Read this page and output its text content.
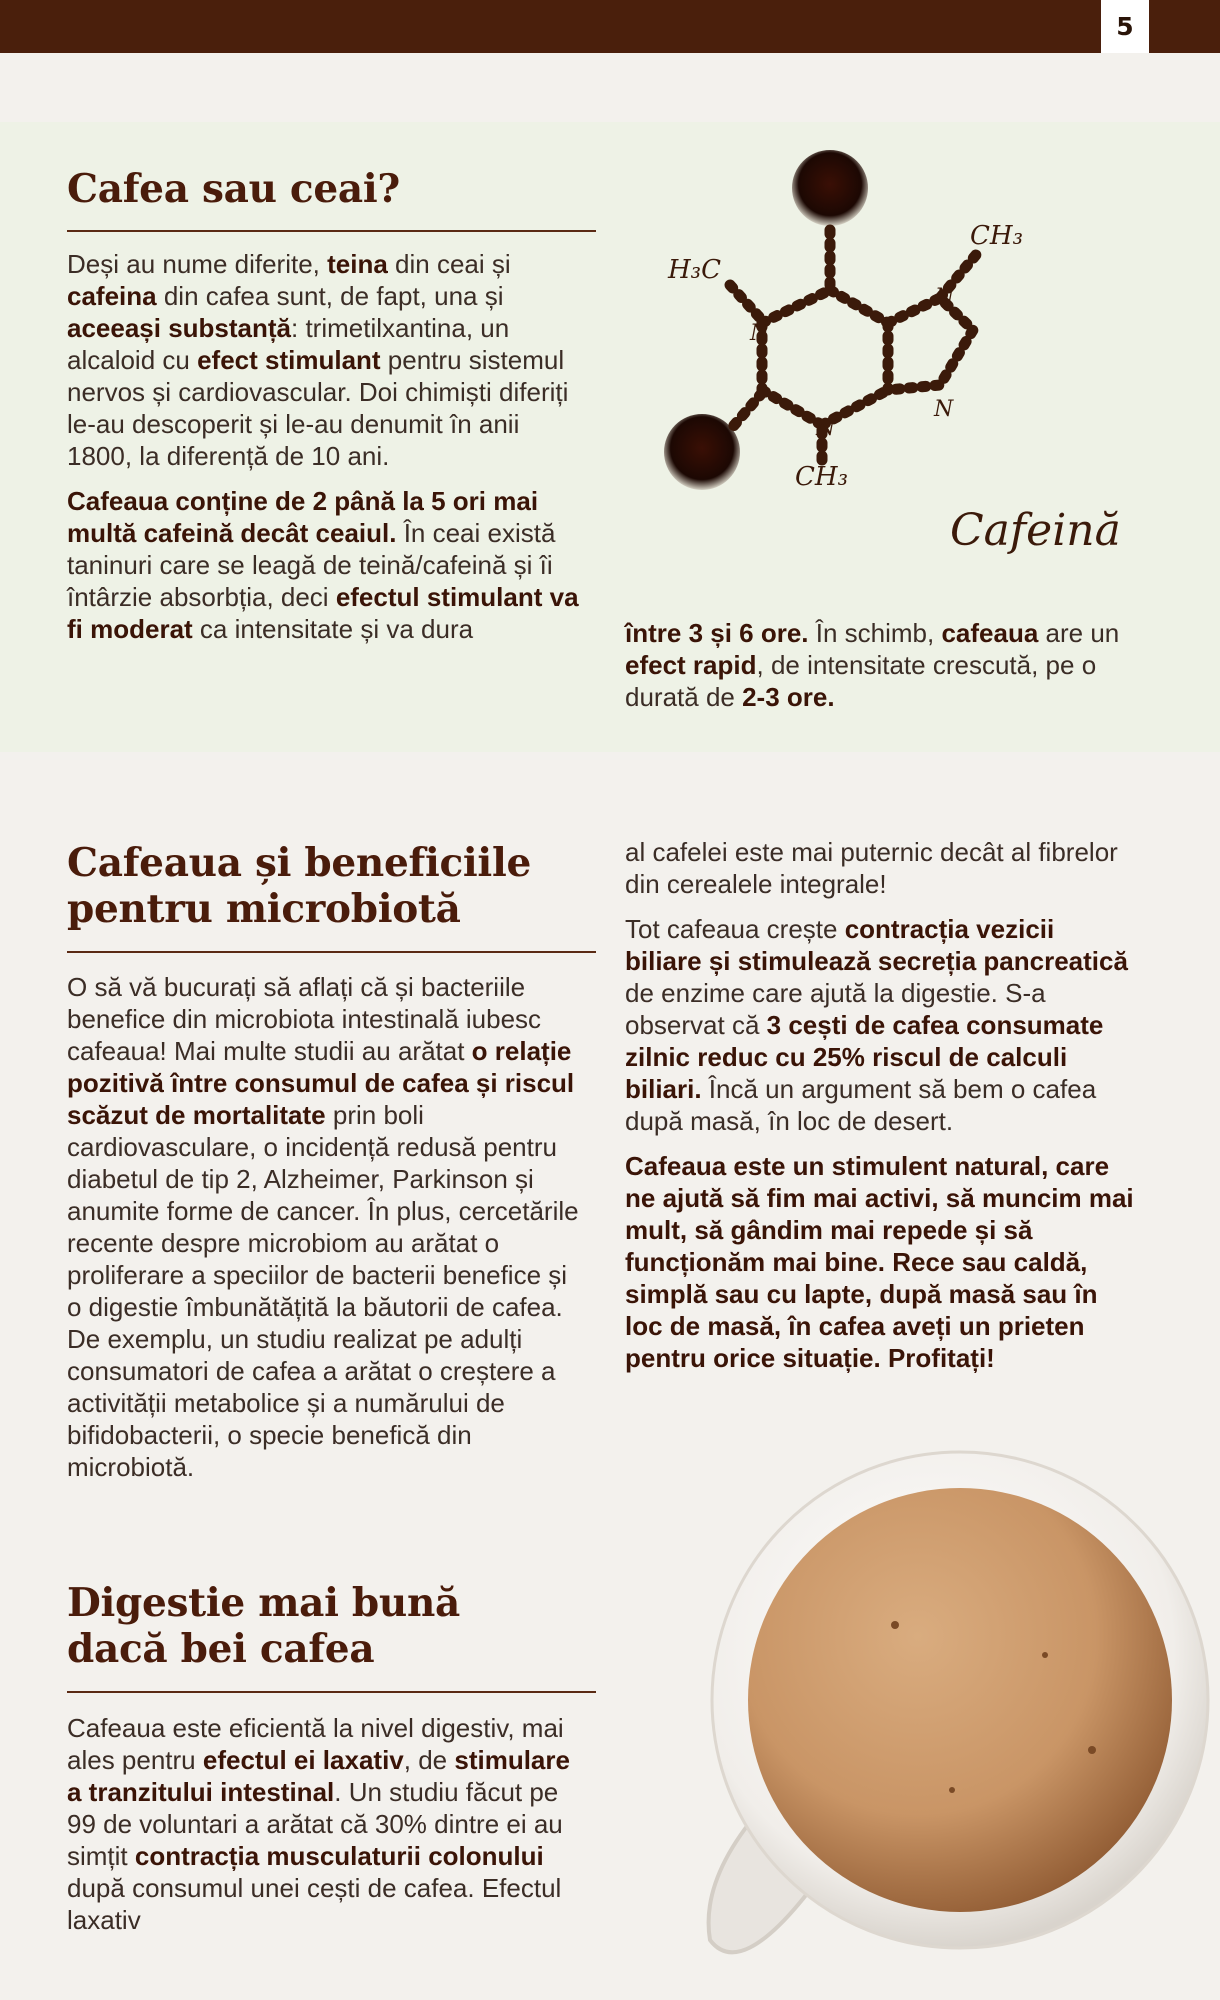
5
Cafea sau ceai?

Deși au nume diferite, teina din ceai și cafeina din cafea sunt, de fapt, una și aceeași substanță: trimetilxantina, un alcaloid cu efect stimulant pentru sistemul nervos și cardiovascular. Doi chimiști diferiți le-au descoperit și le-au denumit în anii 1800, la diferență de 10 ani.

Cafeaua conține de 2 până la 5 ori mai multă cafeină decât ceaiul. În ceai există taninuri care se leagă de teină/cafeină și îi întârzie absorbția, deci efectul stimulant va fi moderat ca intensitate și va dura	între 3 și 6 ore. În schimb, cafeaua are un efect rapid, de intensitate crescută, pe o durată de 2-3 ore.

H₃C
CH₃
CH₃
N
N
N
N
Cafeină
Cafeaua și beneficiile
pentru microbiotă

O să vă bucurați să aflați că și bacteriile benefice din microbiota intestinală iubesc cafeaua! Mai multe studii au arătat o relație pozitivă între consumul de cafea și riscul scăzut de mortalitate prin boli cardiovasculare, o incidență redusă pentru diabetul de tip 2, Alzheimer, Parkinson și anumite forme de cancer. În plus, cercetările recente despre microbiom au arătat o proliferare a speciilor de bacterii benefice și o digestie îmbunătățită la băutorii de cafea. De exemplu, un studiu realizat pe adulți consumatori de cafea a arătat o creștere a activității metabolice și a numărului de bifidobacterii, o specie benefică din microbiotă.

al cafelei este mai puternic decât al fibrelor din cerealele integrale!

Tot cafeaua crește contracția vezicii biliare și stimulează secreția pancreatică de enzime care ajută la digestie. S-a observat că 3 cești de cafea consumate zilnic reduc cu 25% riscul de calculi biliari. Încă un argument să bem o cafea după masă, în loc de desert.

Cafeaua este un stimulent natural, care ne ajută să fim mai activi, să muncim mai mult, să gândim mai repede și să funcționăm mai bine. Rece sau caldă, simplă sau cu lapte, după masă sau în loc de masă, în cafea aveți un prieten pentru orice situație. Profitați!

Digestie mai bună
dacă bei cafea

Cafeaua este eficientă la nivel digestiv, mai ales pentru efectul ei laxativ, de stimulare a tranzitului intestinal. Un studiu făcut pe 99 de voluntari a arătat că 30% dintre ei au simțit contracția musculaturii colonului după consumul unei cești de cafea. Efectul laxativ
